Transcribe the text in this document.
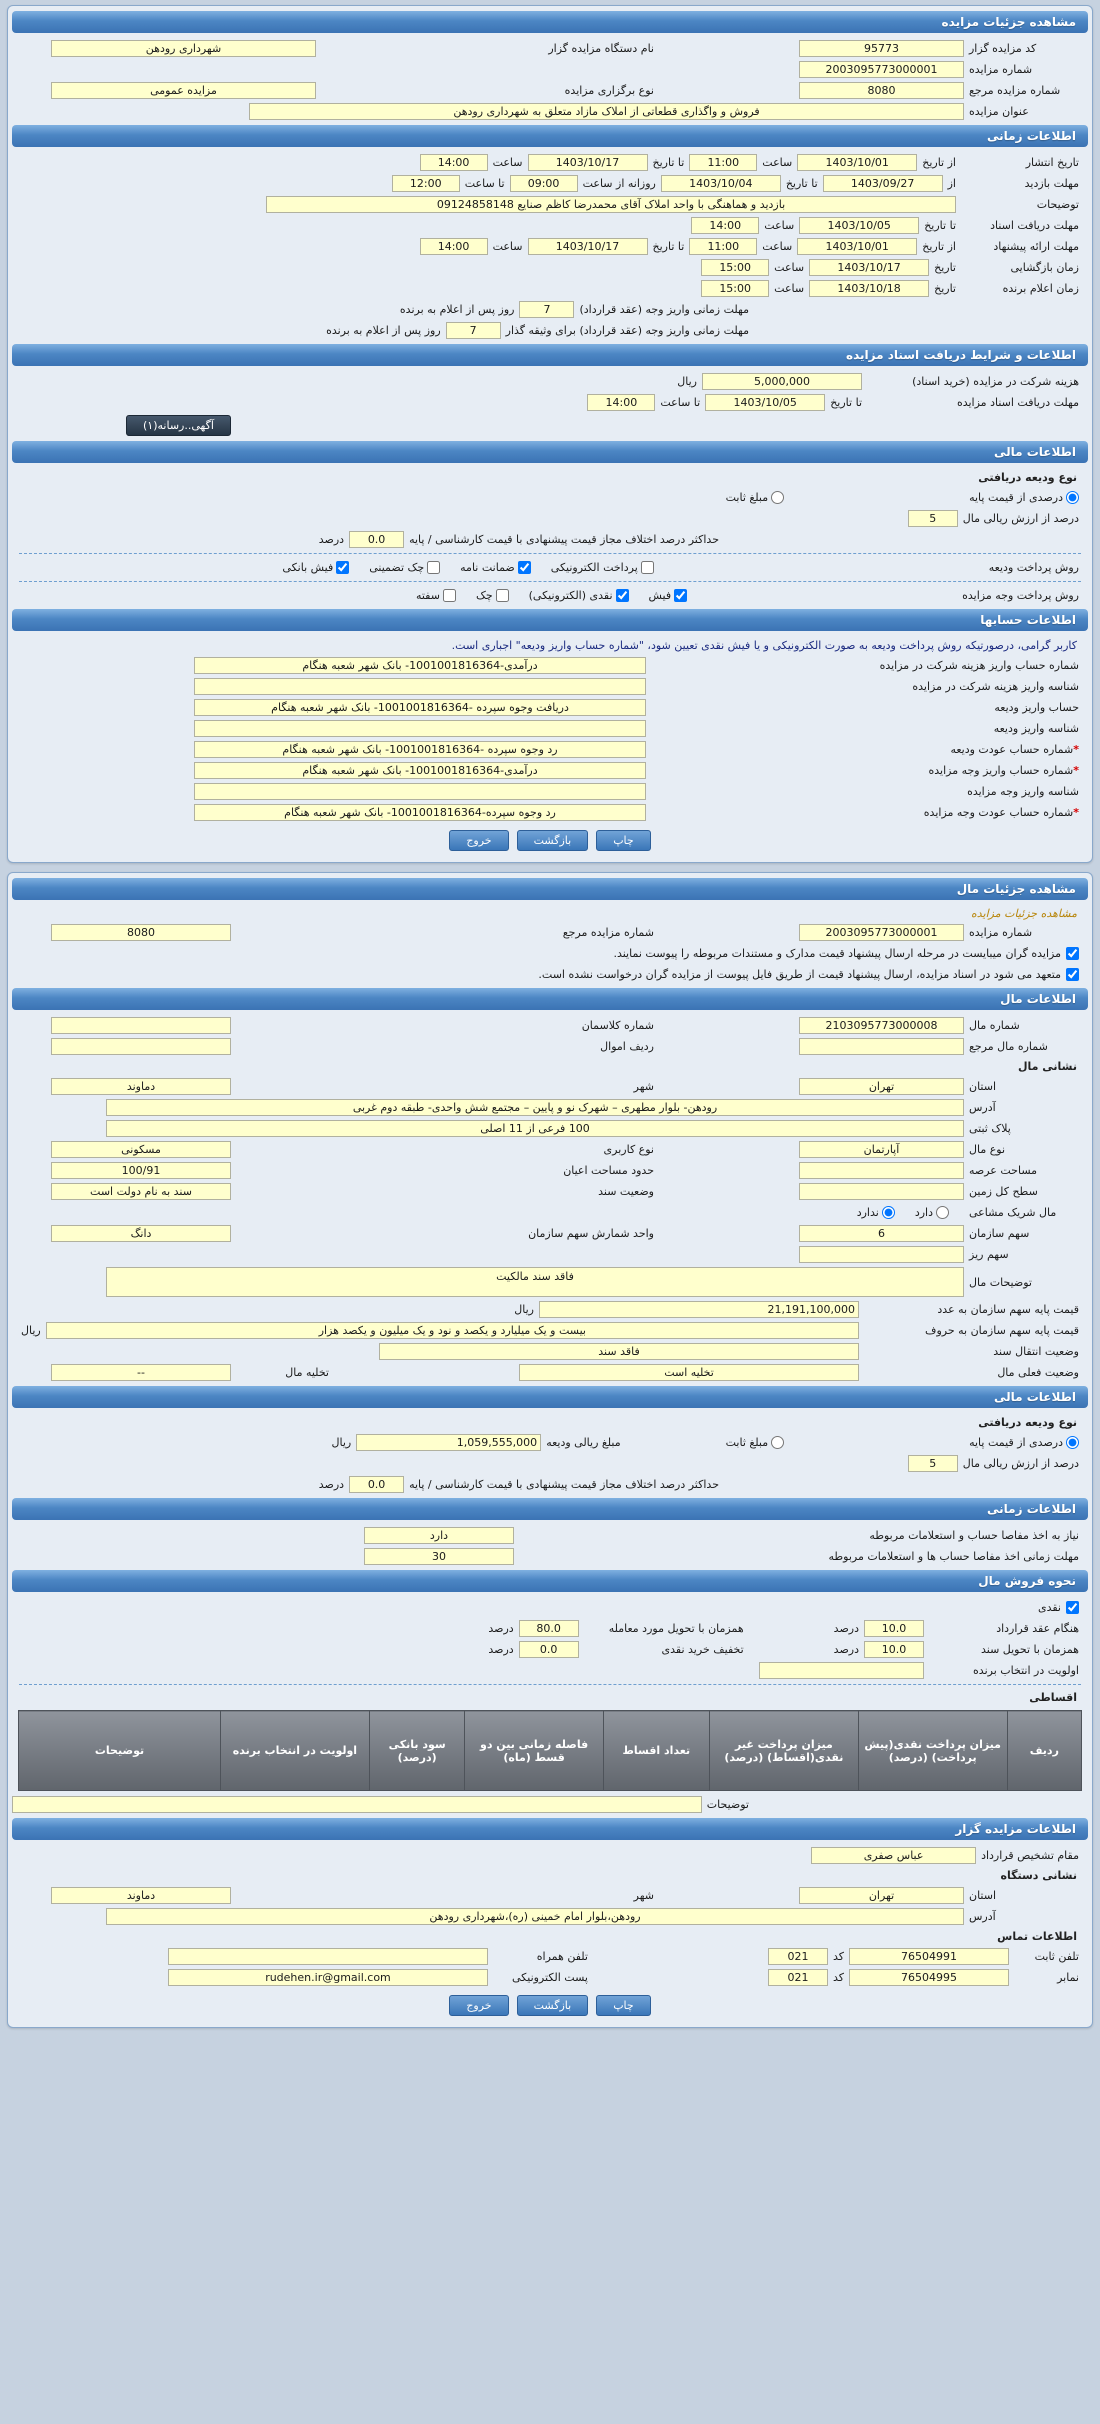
مشاهده جزئیات مزایده
کد مزایده گزار
95773
نام دستگاه مزایده گزار
شهرداری رودهن
شماره مزایده
2003095773000001
شماره مزایده مرجع
8080
نوع برگزاری مزایده
مزایده عمومی
عنوان مزایده
فروش و واگذاری قطعاتی از املاک مازاد متعلق به شهرداری رودهن
اطلاعات زمانی
تاریخ انتشار
از تاریخ
1403/10/01
ساعت
11:00
تا تاریخ
1403/10/17
ساعت
14:00
مهلت بازدید
از
1403/09/27
تا تاریخ
1403/10/04
روزانه از ساعت
09:00
تا ساعت
12:00
توضیحات
بازدید و هماهنگی با واحد املاک آقای محمدرضا کاظم صنایع 09124858148
مهلت دریافت اسناد
تا تاریخ
1403/10/05
ساعت
14:00
مهلت ارائه پیشنهاد
از تاریخ
1403/10/01
ساعت
11:00
تا تاریخ
1403/10/17
ساعت
14:00
زمان بازگشایی
تاریخ
1403/10/17
ساعت
15:00
زمان اعلام برنده
تاریخ
1403/10/18
ساعت
15:00
مهلت زمانی واریز وجه (عقد قرارداد)
7
روز پس از اعلام به برنده
مهلت زمانی واریز وجه (عقد قرارداد) برای وثیقه گذار
7
روز پس از اعلام به برنده
اطلاعات و شرایط دریافت اسناد مزایده
هزینه شرکت در مزایده (خرید اسناد)
5,000,000
ریال
مهلت دریافت اسناد مزایده
تا تاریخ
1403/10/05
تا ساعت
14:00
آگهی..رسانه(۱)
اطلاعات مالی
نوع ودیعه دریافتی
درصدی از قیمت پایه
مبلغ ثابت
درصد از ارزش ریالی مال
5
حداکثر درصد اختلاف مجاز قیمت پیشنهادی با قیمت کارشناسی / پایه
0.0
درصد
روش پرداخت ودیعه
پرداخت الکترونیکی
ضمانت نامه
چک تضمینی
فیش بانکی
روش پرداخت وجه مزایده
فیش
نقدی (الکترونیکی)
چک
سفته
اطلاعات حسابها
کاربر گرامی، درصورتیکه روش پرداخت ودیعه به صورت الکترونیکی و یا فیش نقدی تعیین شود، "شماره حساب واریز ودیعه" اجباری است.
شماره حساب واریز هزینه شرکت در مزایده
درآمدی-1001001816364- بانک شهر شعبه هنگام
شناسه واریز هزینه شرکت در مزایده
حساب واریز ودیعه
دریافت وجوه سپرده -1001001816364- بانک شهر شعبه هنگام
شناسه واریز ودیعه
*شماره حساب عودت ودیعه
رد وجوه سپرده -1001001816364- بانک شهر شعبه هنگام
*شماره حساب واریز وجه مزایده
درآمدی-1001001816364- بانک شهر شعبه هنگام
شناسه واریز وجه مزایده
*شماره حساب عودت وجه مزایده
رد وجوه سپرده-1001001816364- بانک شهر شعبه هنگام
چاپ
بازگشت
خروج
مشاهده جزئیات مال
مشاهده جزئیات مزایده
شماره مزایده
2003095773000001
شماره مزایده مرجع
8080
مزایده گران میبایست در مرحله ارسال پیشنهاد قیمت مدارک و مستندات مربوطه را پیوست نمایند.
متعهد می شود در اسناد مزایده، ارسال پیشنهاد قیمت از طریق فایل پیوست از مزایده گران درخواست نشده است.
اطلاعات مال
شماره مال
2103095773000008
شماره کلاسمان
شماره مال مرجع
ردیف اموال
نشانی مال
استان
تهران
شهر
دماوند
آدرس
رودهن- بلوار مطهری – شهرک نو و پایین – مجتمع شش واحدی- طبقه دوم غربی
پلاک ثبتی
100 فرعی از 11 اصلی
نوع مال
آپارتمان
نوع کاربری
مسکونی
مساحت عرصه
حدود مساحت اعیان
100/91
سطح کل زمین
وضعیت سند
سند به نام دولت است
مال شریک مشاعی
دارد
ندارد
سهم سازمان
6
واحد شمارش سهم سازمان
دانگ
سهم ریز
توضیحات مال
فاقد سند مالکیت
قیمت پایه سهم سازمان به عدد
21,191,100,000
ریال
قیمت پایه سهم سازمان به حروف
بیست و یک میلیارد و یکصد و نود و یک میلیون و یکصد هزار
ریال
وضعیت انتقال سند
فاقد سند
وضعیت فعلی مال
تخلیه است
تخلیه مال
--
اطلاعات مالی
نوع ودیعه دریافتی
درصدی از قیمت پایه
مبلغ ثابت
مبلغ ریالی ودیعه
1,059,555,000
ریال
درصد از ارزش ریالی مال
5
حداکثر درصد اختلاف مجاز قیمت پیشنهادی با قیمت کارشناسی / پایه
0.0
درصد
اطلاعات زمانی
نیاز به اخذ مفاصا حساب و استعلامات مربوطه
دارد
مهلت زمانی اخذ مفاصا حساب ها و استعلامات مربوطه
30
نحوه فروش مال
نقدی
هنگام عقد قرارداد
10.0
درصد
همزمان با تحویل مورد معامله
80.0
درصد
همزمان با تحویل سند
10.0
درصد
تخفیف خرید نقدی
0.0
درصد
اولویت در انتخاب برنده
اقساطی
ردیف	میزان پرداخت نقدی(پیش پرداخت) (درصد)	میزان پرداخت غیر نقدی(اقساط) (درصد)	تعداد اقساط	فاصله زمانی بین دو قسط (ماه)	سود بانکی (درصد)	اولویت در انتخاب برنده	توضیحات
توضیحات
اطلاعات مزایده گزار
مقام تشخیص قرارداد
عباس صفری
نشانی دستگاه
استان
تهران
شهر
دماوند
آدرس
رودهن،بلوار امام خمینی (ره)،شهرداری رودهن
اطلاعات تماس
تلفن ثابت
76504991
کد
021
تلفن همراه
نمابر
76504995
کد
021
پست الکترونیکی
rudehen.ir@gmail.com
چاپ
بازگشت
خروج
